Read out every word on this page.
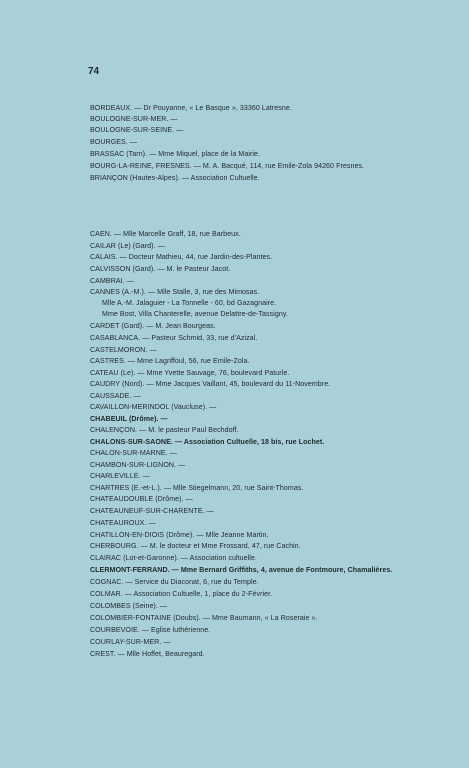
74
BORDEAUX. — Dr Pouyanne, « Le Basque », 33360 Latresne.
BOULOGNE-SUR-MER. —
BOULOGNE-SUR-SEINE. —
BOURGES. —
BRASSAC (Tarn). — Mme Miquel, place de la Mairie.
BOURG-LA-REINE, FRESNES. — M. A. Bacqué, 114, rue Emile-Zola 94260 Fresnes.
BRIANÇON (Hautes-Alpes). — Association Cultuelle.
CAEN. — Mlle Marcelle Graff, 18, rue Barbeux.
CAILAR (Le) (Gard). —
CALAIS. — Docteur Mathieu, 44, rue Jardin-des-Plantes.
CALVISSON (Gard). — M. le Pasteur Jacot.
CAMBRAI. —
CANNES (A.-M.). — Mlle Stalle, 3, rue des Mimosas.
Mlle A.-M. Jalaguier - La Tonnelle - 60, bd Gazagnaire.
Mme Bost, Villa Chanterelle, avenue Delattre-de-Tassigny.
CARDET (Gard). — M. Jean Bourgeas.
CASABLANCA. — Pasteur Schmid, 33, rue d'Azizal.
CASTELMORON. —
CASTRES. — Mme Lagriffoul, 56, rue Emile-Zola.
CATEAU (Le). — Mme Yvette Sauvage, 76, boulevard Paturle.
CAUDRY (Nord). — Mme Jacques Vaillant, 45, boulevard du 11-Novembre.
CAUSSADE. —
CAVAILLON-MERINDOL (Vaucluse). —
CHABEUIL (Drôme). —
CHALENÇON. — M. le pasteur Paul Bechdoff.
CHALONS-SUR-SAONE. — Association Cultuelle, 18 bis, rue Lochet.
CHALON-SUR-MARNE. —
CHAMBON-SUR-LIGNON. —
CHARLEVILLE. —
CHARTRES (E.-et-L.). — Mlle Stiegelmann, 20, rue Saint-Thomas.
CHATEAUDOUBLE (Drôme). —
CHATEAUNEUF-SUR-CHARENTE. —
CHATEAUROUX. —
CHATILLON-EN-DIOIS (Drôme). — Mlle Jeanne Martin.
CHERBOURG. — M. le docteur et Mme Frossard, 47, rue Cachin.
CLAIRAC (Lot-et-Garonne). — Association cultuelle.
CLERMONT-FERRAND. — Mme Bernard Griffiths, 4, avenue de Fontmoure, Chamalières.
COGNAC. — Service du Diaconat, 6, rue du Temple.
COLMAR. — Association Cultuelle, 1, place du 2-Février.
COLOMBES (Seine). —
COLOMBIER-FONTAINE (Doubs). — Mme Baumann, « La Roseraie ».
COURBEVOIE. — Eglise luthérienne.
COURLAY-SUR-MER. —
CREST. — Mlle Hoffet, Beauregard.
